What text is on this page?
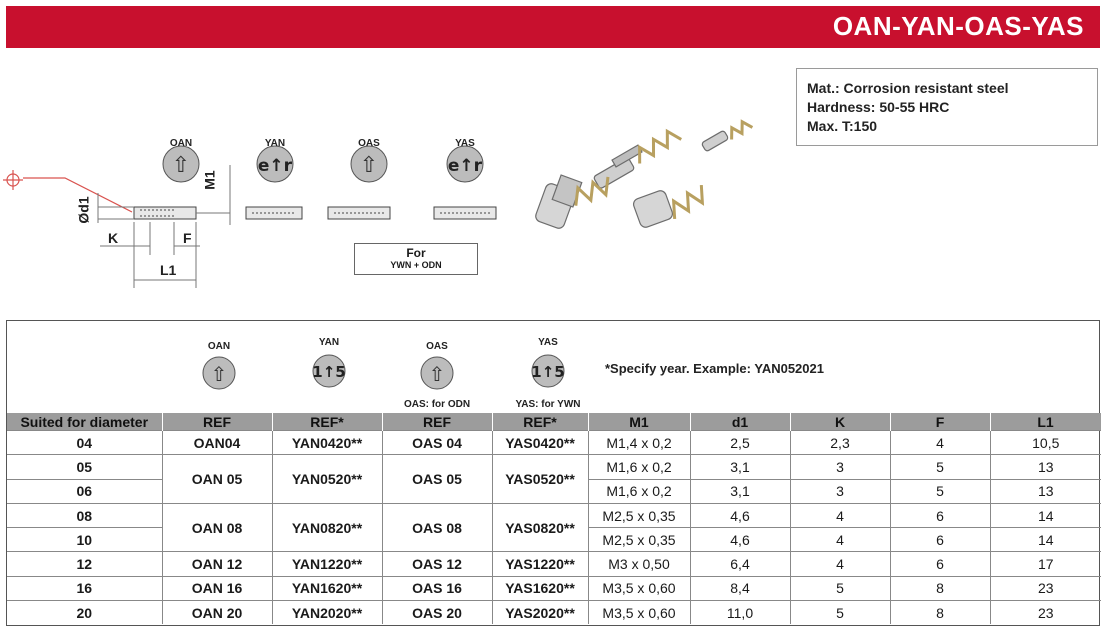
OAN-YAN-OAS-YAS
Mat.: Corrosion resistant steel
Hardness: 50-55 HRC
Max. T:150
⇧	e↑r	⇧	e↑r
OAN	YAN	OAS	YAS
M1
Ød1
K	F
L1
For
YWN + ODN
OAN	YAN	OAS	YAS
⇧	1↑5	⇧	1↑5
OAS: for ODN	YAS: for YWN
*Specify year. Example: YAN052021
Suited for diameter	REF	REF*	REF	REF*	M1	d1	K	F	L1
04	OAN04	YAN0420**	OAS 04	YAS0420**	M1,4 x 0,2	2,5	2,3	4	10,5
05	OAN 05	YAN0520**	OAS 05	YAS0520**	M1,6 x 0,2	3,1	3	5	13
06					M1,6 x 0,2	3,1	3	5	13
08	OAN 08	YAN0820**	OAS 08	YAS0820**	M2,5 x 0,35	4,6	4	6	14
10					M2,5 x 0,35	4,6	4	6	14
12	OAN 12	YAN1220**	OAS 12	YAS1220**	M3 x 0,50	6,4	4	6	17
16	OAN 16	YAN1620**	OAS 16	YAS1620**	M3,5 x 0,60	8,4	5	8	23
20	OAN 20	YAN2020**	OAS 20	YAS2020**	M3,5 x 0,60	11,0	5	8	23
